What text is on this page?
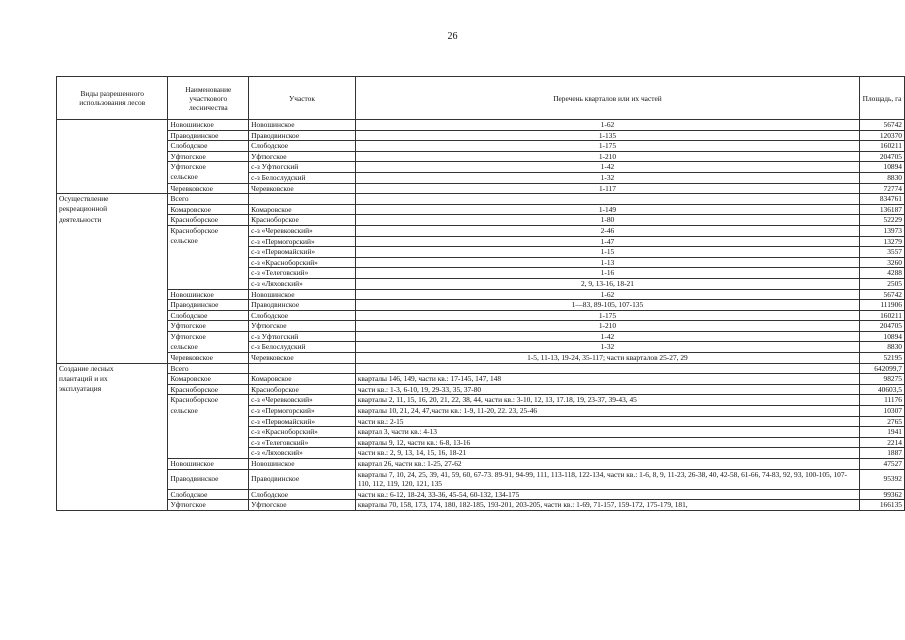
26
Виды разрешенного использования лесов	Наименование участкового лесничества	Участок	Перечень кварталов или их частей	Площадь, га
	Новошинское	Новошинское	1-62	56742
	Праводвинское	Праводвинское	1-135	120370
	Слободское	Слободское	1-175	160211
	Уфтюгское	Уфтюгское	1-210	204705
	Уфтюгское	с-з Уфтюгский	1-42	10894
	сельское	с-з Белослудский	1-32	8830
	Черевковское	Черевковское	1-117	72774
Осуществление	Всего			834761
рекреационной	Комаровское	Комаровское	1-149	136187
деятельности	Красноборское	Красноборское	1-80	52229
	Красноборское	с-з «Черевковский»	2-46	13973
	сельское	с-з «Пермогорский»	1-47	13279
		с-з «Первомайский»	1-15	3557
		с-з «Красноборский»	1-13	3260
		с-з «Телеговский»	1-16	4288
		с-з «Ляховский»	2, 9, 13-16, 18-21	2505
	Новошинское	Новошинское	1-62	56742
	Праводвинское	Праводвинское	1—83, 89-105, 107-135	111906
	Слободское	Слободское	1-175	160211
	Уфтюгское	Уфтюгское	1-210	204705
	Уфтюгское	с-з Уфтюгский	1-42	10894
	сельское	с-з Белослудский	1-32	8830
	Черевковское	Черевковское	1-5, 11-13, 19-24, 35-117; части кварталов 25-27, 29	52195
Создание лесных	Всего			642099,7
плантаций и их	Комаровское	Комаровское	кварталы 146, 149, части кв.: 17-145, 147, 148	98275
эксплуатация	Красноборское	Красноборское	части кв.: 1-3, 6-10, 19, 29-33, 35, 37-80	40603,5
	Красноборское	с-з «Черевковский»	кварталы 2, 11, 15, 16, 20, 21, 22, 38, 44, части кв.: 3-10, 12, 13, 17.18, 19, 23-37, 39-43, 45	11176
	сельское	с-з «Пермогорский»	кварталы 10, 21, 24, 47,части кв.: 1-9, 11-20, 22. 23, 25-46	10307
		с-з «Первомайский»	части кв.: 2-15	2765
		с-з «Красноборский»	квартал 3, части кв.: 4-13	1941
		с-з «Телеговский»	кварталы 9, 12, части кв.: 6-8, 13-16	2214
		с-з «Ляховский»	части кв.: 2, 9, 13, 14, 15, 16, 18-21	1887
	Новошинское	Новошинское	квартал 26, части кв.: 1-25, 27-62	47527
	Праводвинское	Праводвинское	кварталы 7, 10, 24, 25, 39, 41, 59, 60, 67-73. 89-91, 94-99, 111, 113-118, 122-134, части кв.: 1-6, 8, 9, 11-23, 26-38, 40, 42-58, 61-66, 74-83, 92, 93, 100-105, 107-110, 112, 119, 120, 121, 135	95392
	Слободское	Слободское	части кв.: 6-12, 18-24, 33-36, 45-54, 60-132, 134-175	99362
	Уфтюгское	Уфтюгское	кварталы 70, 158, 173, 174, 180, 182-185, 193-201, 203-205, части кв.: 1-69, 71-157, 159-172, 175-179, 181,	166135
